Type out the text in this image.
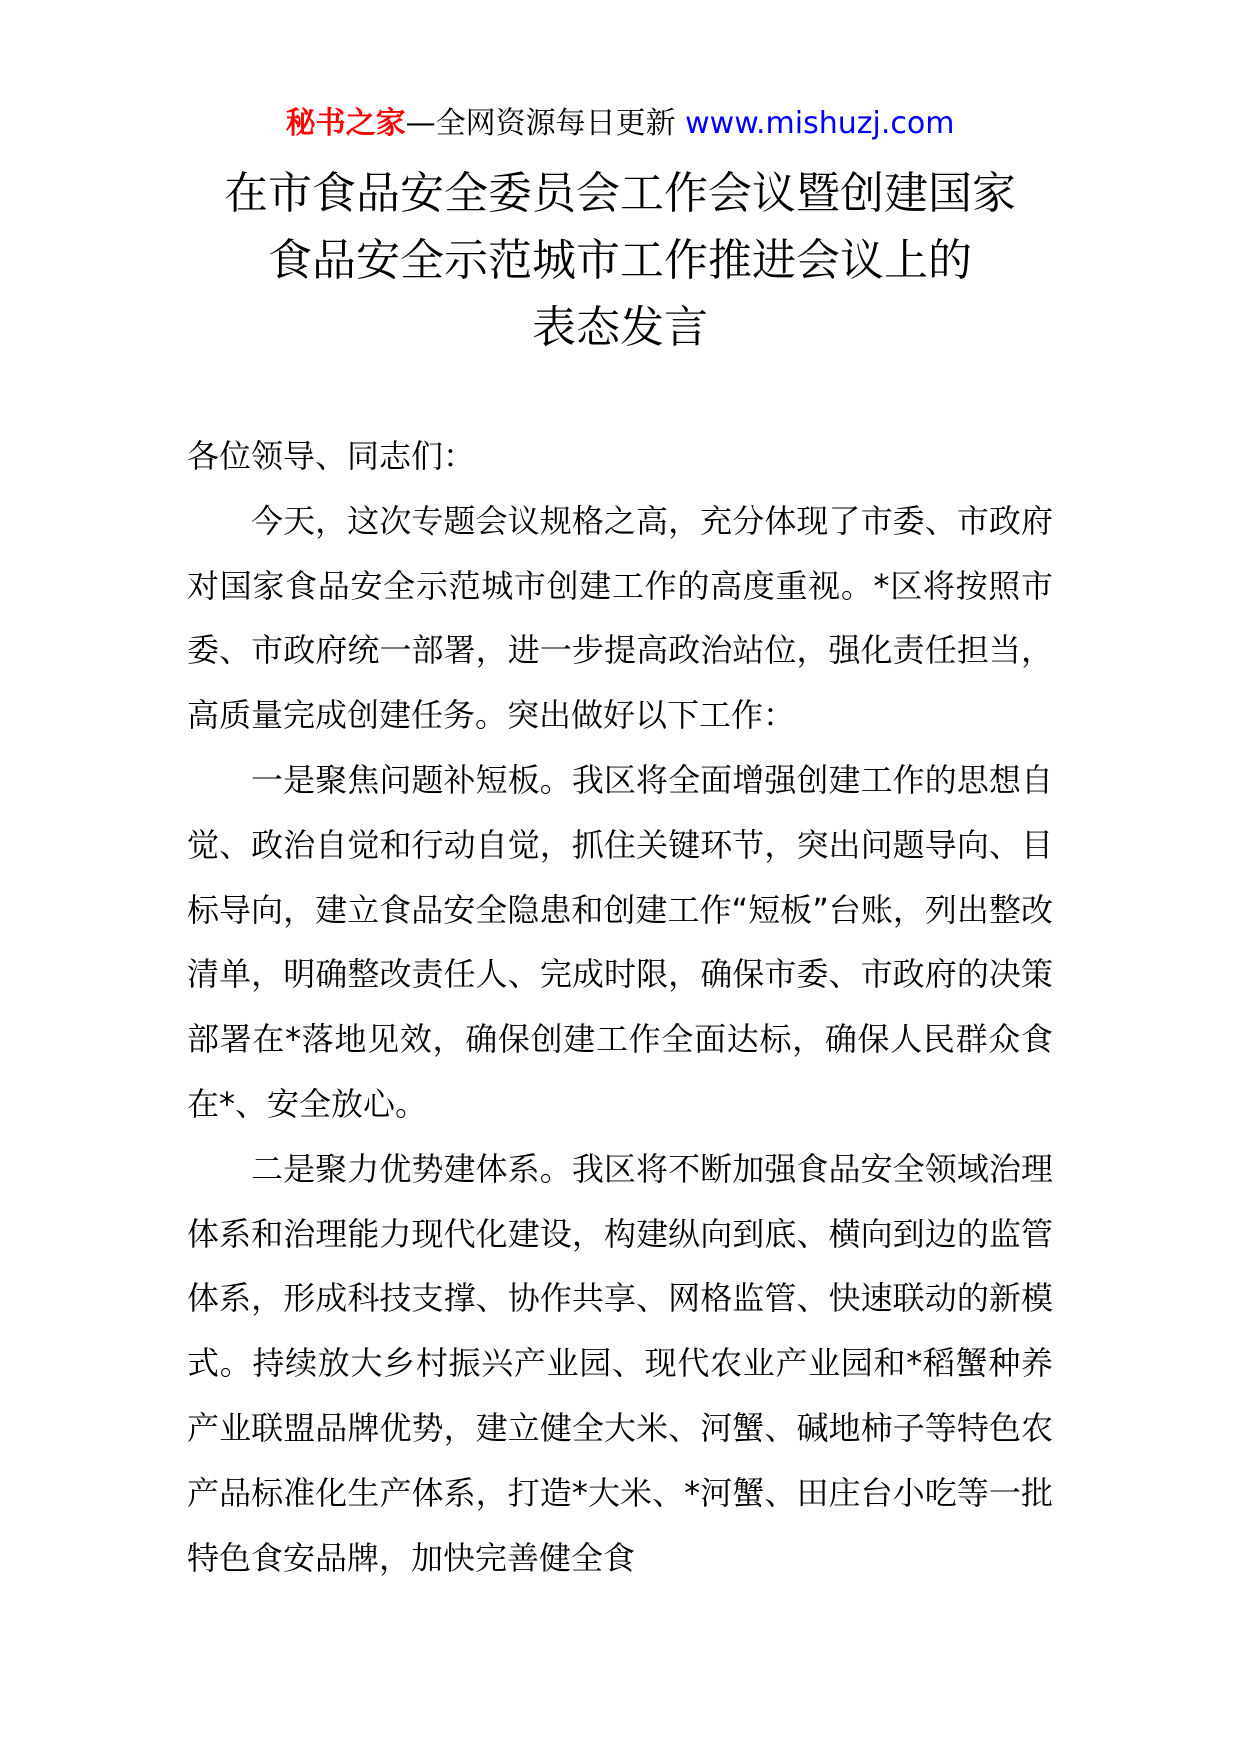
秘书之家—全网资源每日更新 www.mishuzj.com
在市食品安全委员会工作会议暨创建国家
食品安全示范城市工作推进会议上的
表态发言

各位领导、同志们：

今天，这次专题会议规格之高，充分体现了市委、市政府对国家食品安全示范城市创建工作的高度重视。*区将按照市委、市政府统一部署，进一步提高政治站位，强化责任担当，高质量完成创建任务。突出做好以下工作：

一是聚焦问题补短板。我区将全面增强创建工作的思想自觉、政治自觉和行动自觉，抓住关键环节，突出问题导向、目标导向，建立食品安全隐患和创建工作“短板”台账，列出整改清单，明确整改责任人、完成时限，确保市委、市政府的决策部署在*落地见效，确保创建工作全面达标，确保人民群众食在*、安全放心。

二是聚力优势建体系。我区将不断加强食品安全领域治理体系和治理能力现代化建设，构建纵向到底、横向到边的监管体系，形成科技支撑、协作共享、网格监管、快速联动的新模式。持续放大乡村振兴产业园、现代农业产业园和*稻蟹种养产业联盟品牌优势，建立健全大米、河蟹、碱地柿子等特色农产品标准化生产体系，打造*大米、*河蟹、田庄台小吃等一批特色食安品牌，加快完善健全食
